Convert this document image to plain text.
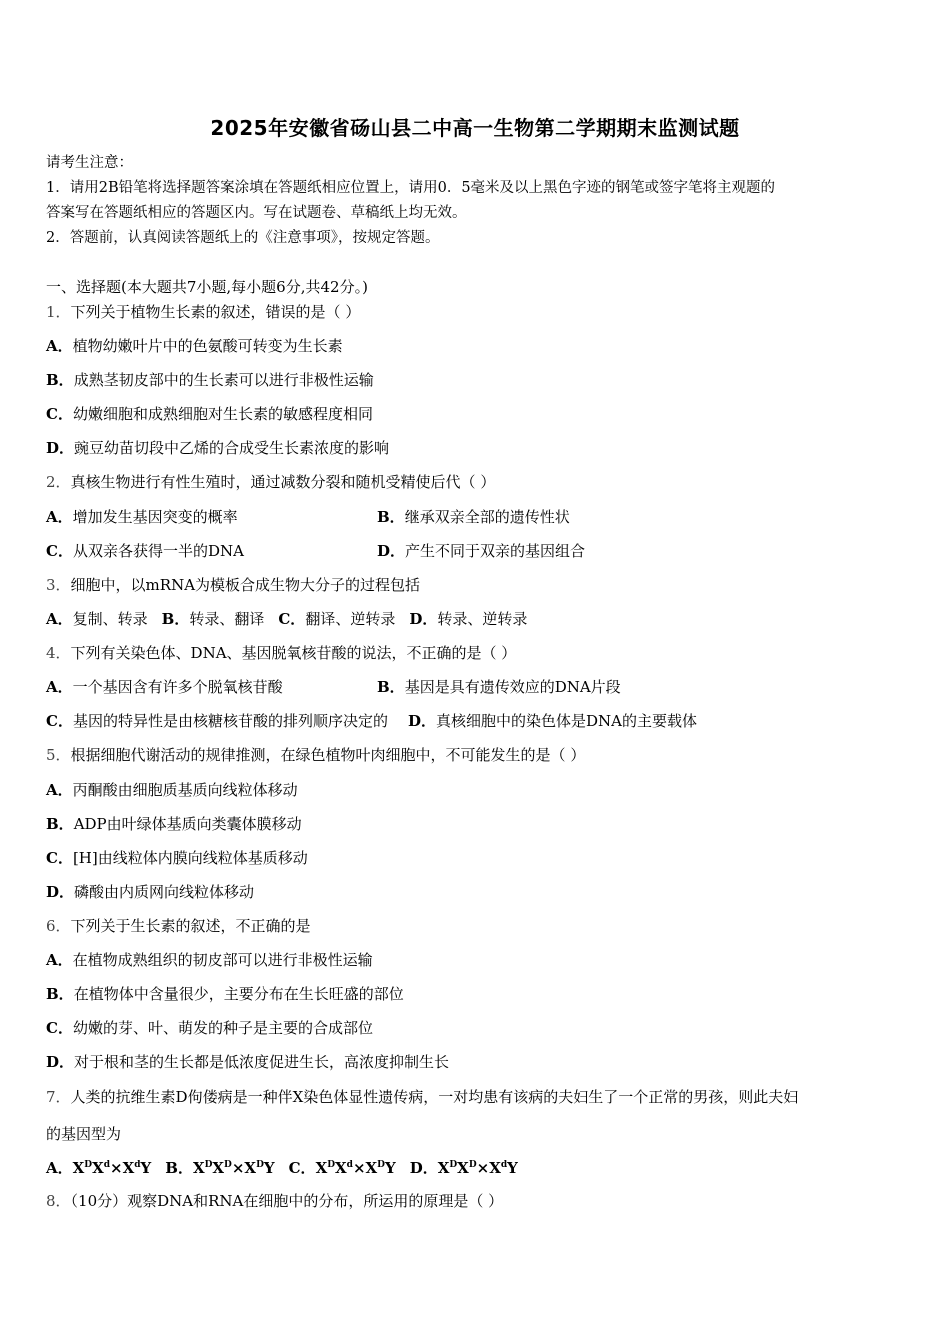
2025年安徽省砀山县二中高一生物第二学期期末监测试题
请考生注意：
1．请用2B铅笔将选择题答案涂填在答题纸相应位置上，请用0．5毫米及以上黑色字迹的钢笔或签字笔将主观题的
答案写在答题纸相应的答题区内。写在试题卷、草稿纸上均无效。
2．答题前，认真阅读答题纸上的《注意事项》，按规定答题。
一、选择题(本大题共7小题,每小题6分,共42分。)
1．下列关于植物生长素的叙述，错误的是（ ）
A．植物幼嫩叶片中的色氨酸可转变为生长素
B．成熟茎韧皮部中的生长素可以进行非极性运输
C．幼嫩细胞和成熟细胞对生长素的敏感程度相同
D．豌豆幼苗切段中乙烯的合成受生长素浓度的影响
2．真核生物进行有性生殖时，通过减数分裂和随机受精使后代（ ）
A．增加发生基因突变的概率	B．继承双亲全部的遗传性状
C．从双亲各获得一半的DNA	D．产生不同于双亲的基因组合
3．细胞中，以mRNA为模板合成生物大分子的过程包括
A．复制、转录 B．转录、翻译 C．翻译、逆转录 D．转录、逆转录
4．下列有关染色体、DNA、基因脱氧核苷酸的说法，不正确的是（ ）
A．一个基因含有许多个脱氧核苷酸	B．基因是具有遗传效应的DNA片段
C．基因的特异性是由核糖核苷酸的排列顺序决定的 D．真核细胞中的染色体是DNA的主要载体
5．根据细胞代谢活动的规律推测，在绿色植物叶肉细胞中，不可能发生的是（ ）
A．丙酮酸由细胞质基质向线粒体移动
B．ADP由叶绿体基质向类囊体膜移动
C．[H]由线粒体内膜向线粒体基质移动
D．磷酸由内质网向线粒体移动
6．下列关于生长素的叙述，不正确的是
A．在植物成熟组织的韧皮部可以进行非极性运输
B．在植物体中含量很少，主要分布在生长旺盛的部位
C．幼嫩的芽、叶、萌发的种子是主要的合成部位
D．对于根和茎的生长都是低浓度促进生长，高浓度抑制生长
7．人类的抗维生素D佝偻病是一种伴X染色体显性遗传病，一对均患有该病的夫妇生了一个正常的男孩，则此夫妇
的基因型为
A．$X^DX^d\times X^dY$ B．$X^DX^D\times X^DY$ C．$X^DX^d\times X^DY$ D．$X^DX^D\times X^dY$
8．（10分）观察DNA和RNA在细胞中的分布，所运用的原理是（ ）
